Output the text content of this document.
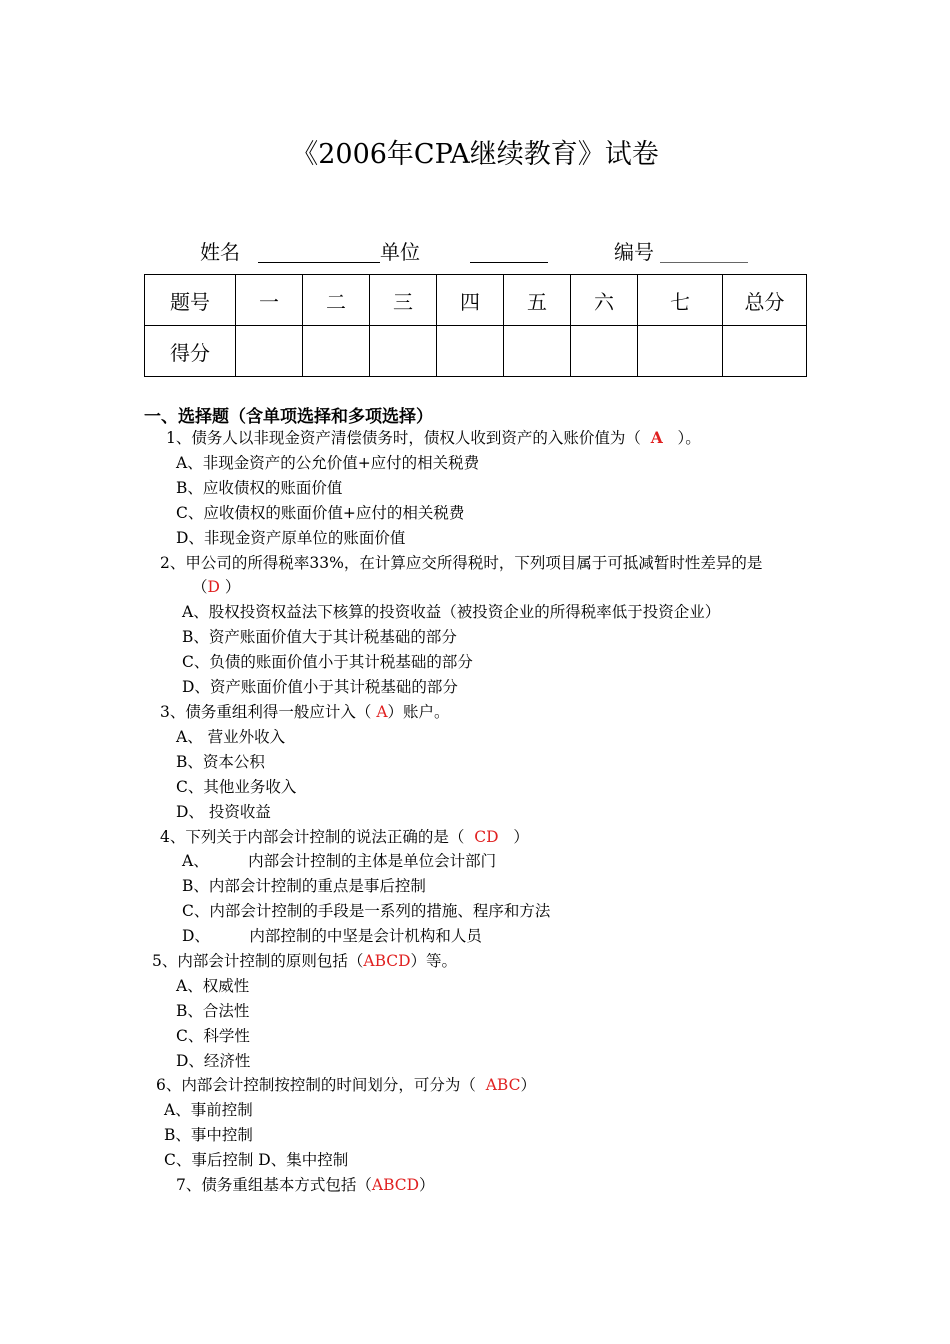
《2006年CPA继续教育》试卷
姓名	单位	编号
题号	一	二	三	四	五	六	七	总分
得分								
一、选择题（含单项选择和多项选择）
1、债务人以非现金资产清偿债务时，债权人收到资产的入账价值为（ A ）。
A、非现金资产的公允价值+应付的相关税费
B、应收债权的账面价值
C、应收债权的账面价值+应付的相关税费
D、非现金资产原单位的账面价值
2、甲公司的所得税率33%，在计算应交所得税时，下列项目属于可抵减暂时性差异的是
（D ）
A、股权投资权益法下核算的投资收益（被投资企业的所得税率低于投资企业）
B、资产账面价值大于其计税基础的部分
C、负债的账面价值小于其计税基础的部分
D、资产账面价值小于其计税基础的部分
3、债务重组利得一般应计入（ A）账户。
A、 营业外收入
B、资本公积
C、其他业务收入
D、 投资收益
4、下列关于内部会计控制的说法正确的是（ CD ）
A、        内部会计控制的主体是单位会计部门
B、内部会计控制的重点是事后控制
C、内部会计控制的手段是一系列的措施、程序和方法
D、        内部控制的中坚是会计机构和人员
5、内部会计控制的原则包括（ABCD）等。
A、权威性
B、合法性
C、科学性
D、经济性
6、内部会计控制按控制的时间划分，可分为（ ABC）
A、事前控制
B、事中控制
C、事后控制 D、集中控制
7、债务重组基本方式包括（ABCD）
